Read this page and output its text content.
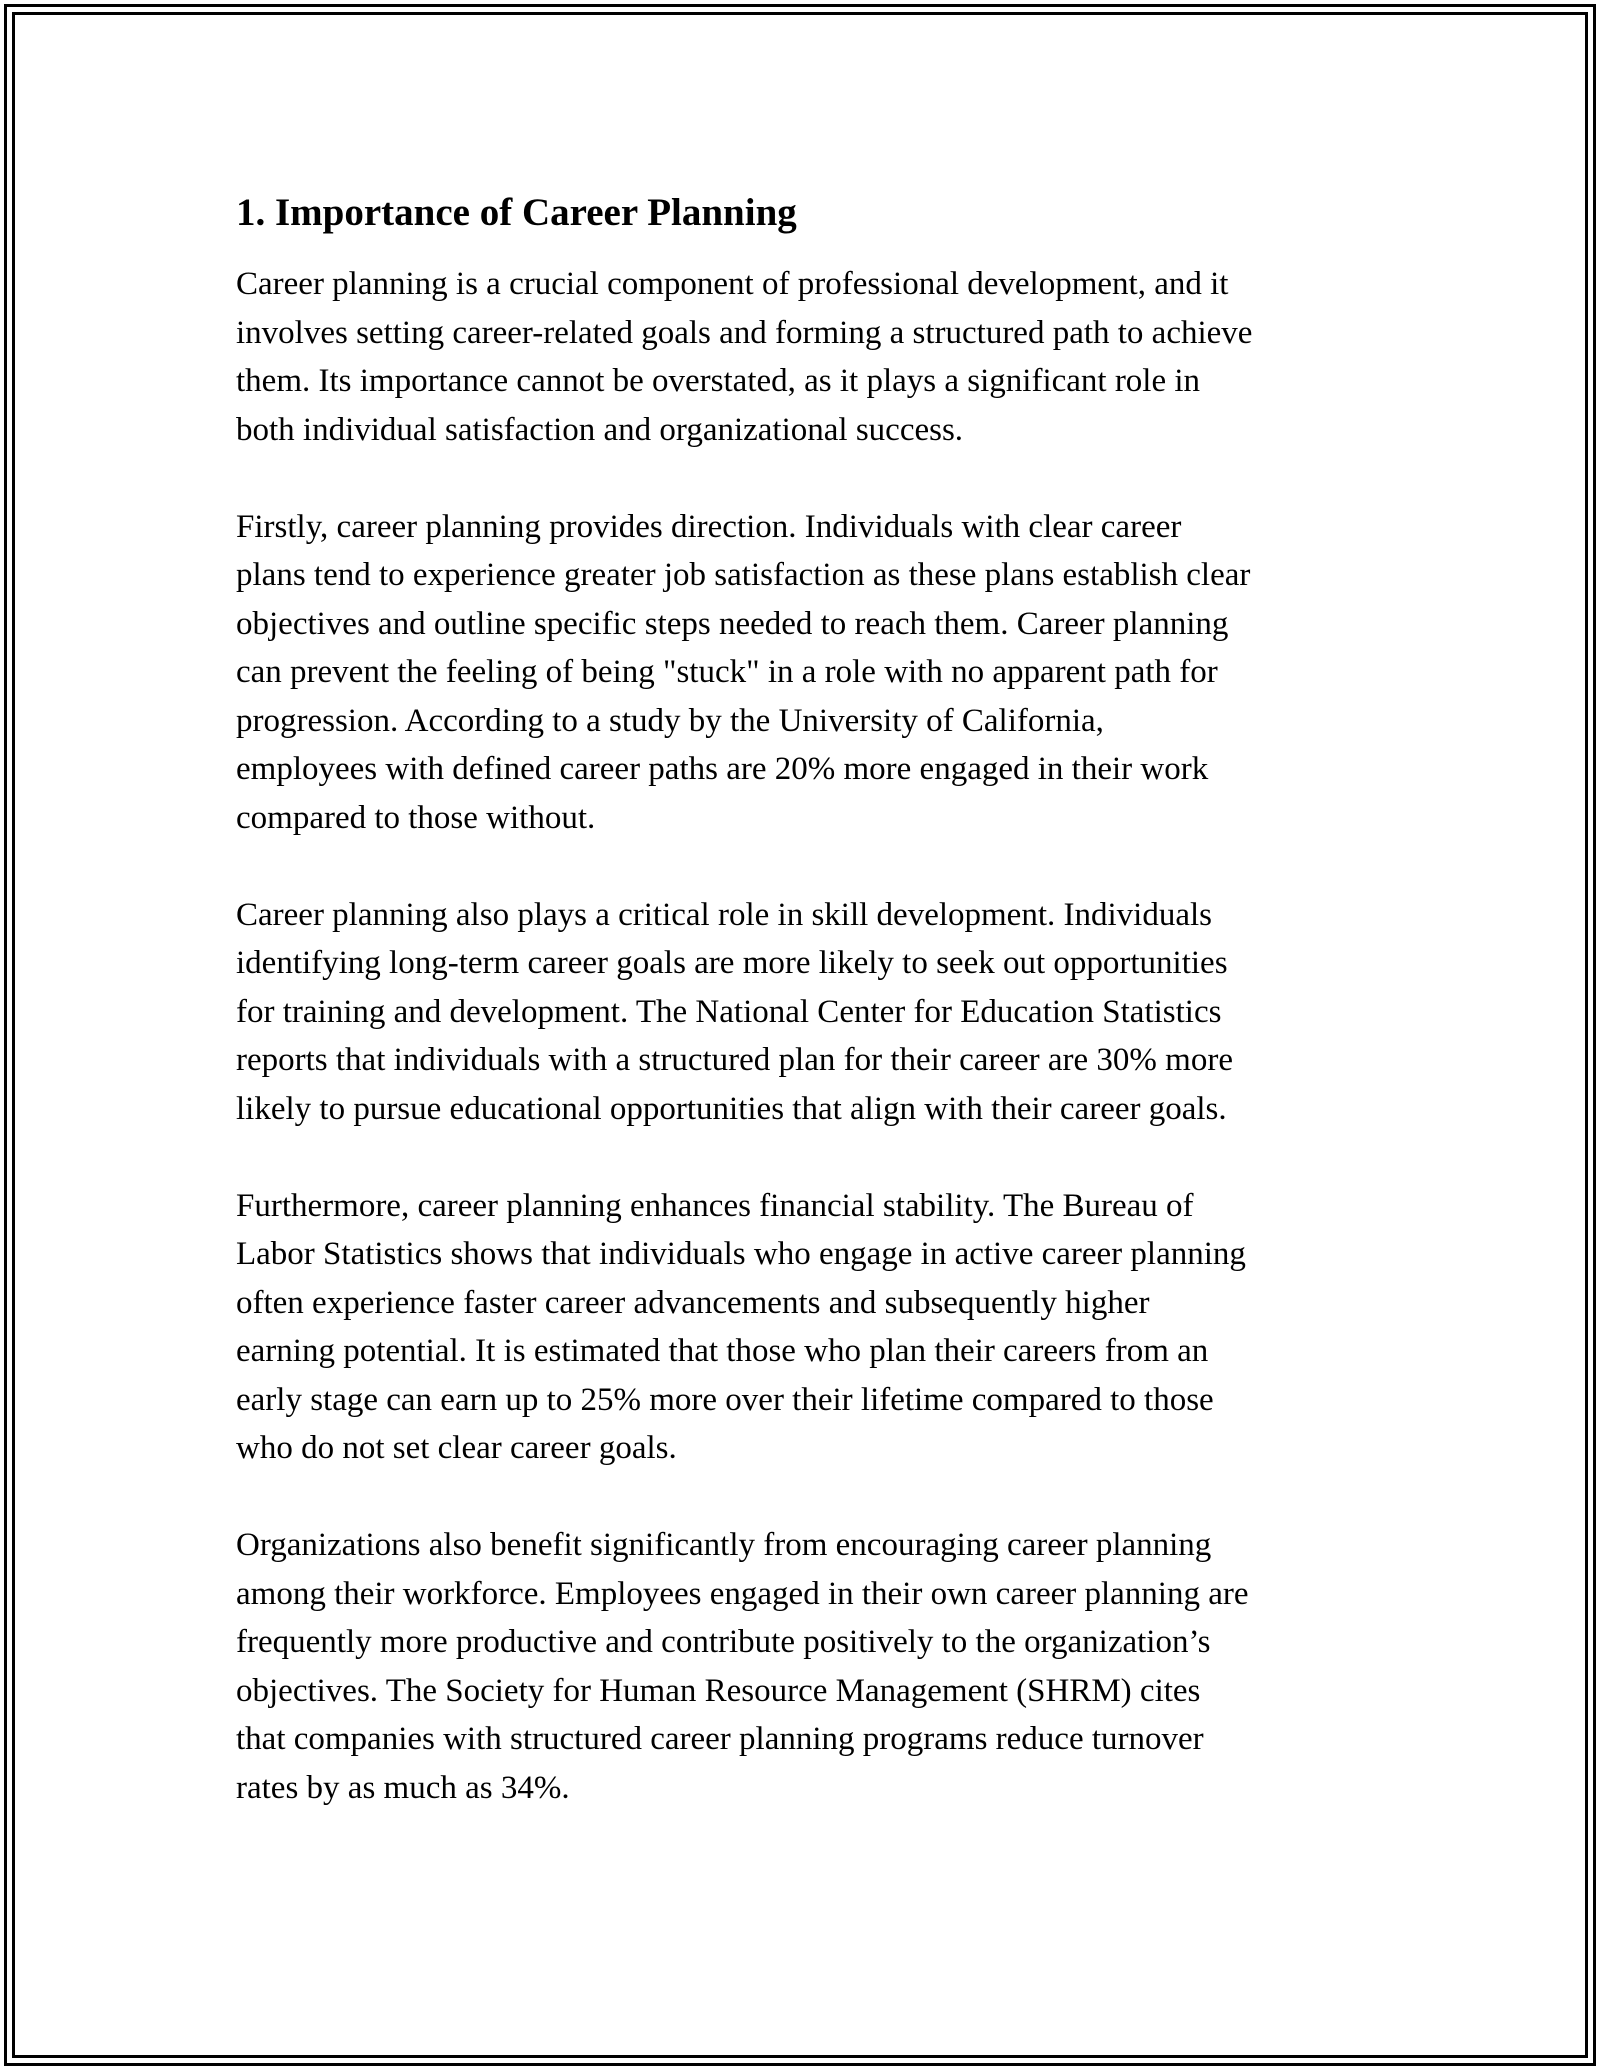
1. Importance of Career Planning

Career planning is a crucial component of professional development, and it
involves setting career-related goals and forming a structured path to achieve
them. Its importance cannot be overstated, as it plays a significant role in
both individual satisfaction and organizational success.

Firstly, career planning provides direction. Individuals with clear career
plans tend to experience greater job satisfaction as these plans establish clear
objectives and outline specific steps needed to reach them. Career planning
can prevent the feeling of being "stuck" in a role with no apparent path for
progression. According to a study by the University of California,
employees with defined career paths are 20% more engaged in their work
compared to those without.

Career planning also plays a critical role in skill development. Individuals
identifying long-term career goals are more likely to seek out opportunities
for training and development. The National Center for Education Statistics
reports that individuals with a structured plan for their career are 30% more
likely to pursue educational opportunities that align with their career goals.

Furthermore, career planning enhances financial stability. The Bureau of
Labor Statistics shows that individuals who engage in active career planning
often experience faster career advancements and subsequently higher
earning potential. It is estimated that those who plan their careers from an
early stage can earn up to 25% more over their lifetime compared to those
who do not set clear career goals.

Organizations also benefit significantly from encouraging career planning
among their workforce. Employees engaged in their own career planning are
frequently more productive and contribute positively to the organization’s
objectives. The Society for Human Resource Management (SHRM) cites
that companies with structured career planning programs reduce turnover
rates by as much as 34%.
